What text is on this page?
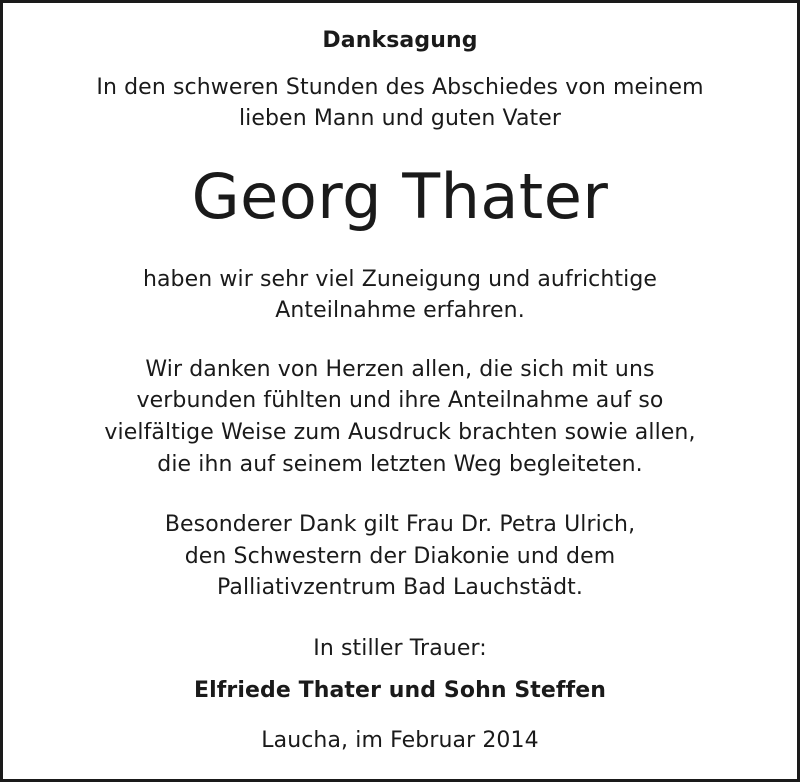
Danksagung
In den schweren Stunden des Abschiedes von meinem
lieben Mann und guten Vater
Georg Thater
haben wir sehr viel Zuneigung und aufrichtige
Anteilnahme erfahren.
Wir danken von Herzen allen, die sich mit uns
verbunden fühlten und ihre Anteilnahme auf so
vielfältige Weise zum Ausdruck brachten sowie allen,
die ihn auf seinem letzten Weg begleiteten.
Besonderer Dank gilt Frau Dr. Petra Ulrich,
den Schwestern der Diakonie und dem
Palliativzentrum Bad Lauchstädt.
In stiller Trauer:
Elfriede Thater und Sohn Steffen
Laucha, im Februar 2014
